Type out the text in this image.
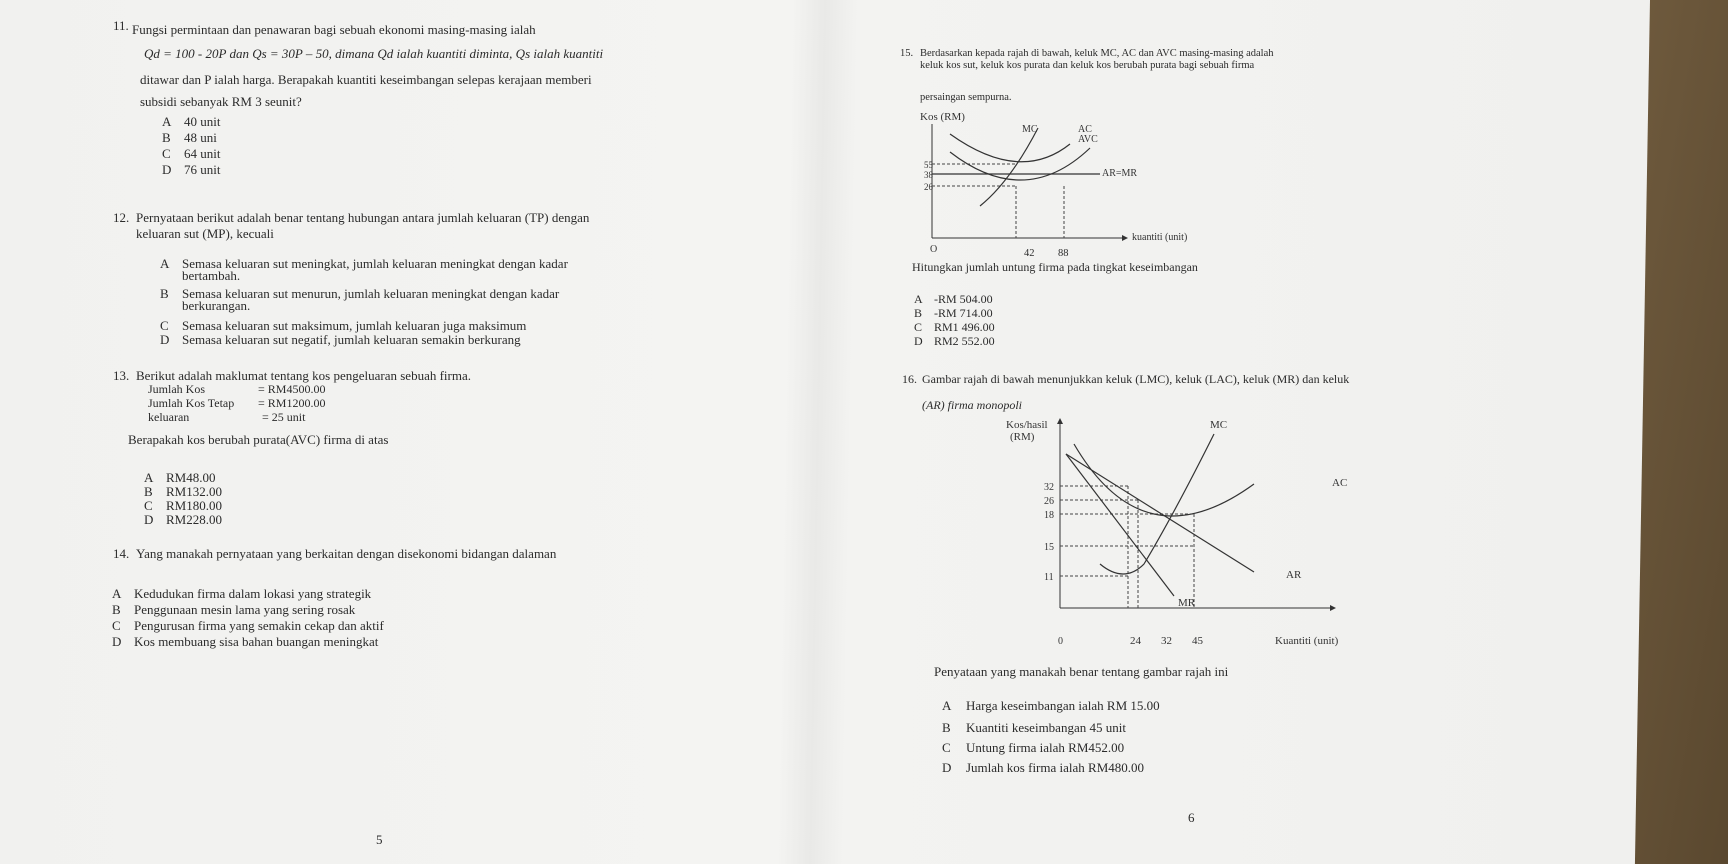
11. Fungsi permintaan dan penawaran bagi sebuah ekonomi masing-masing ialah
Qd = 100 - 20P dan Qs = 30P – 50, dimana Qd ialah kuantiti diminta, Qs ialah kuantiti
ditawar dan P ialah harga. Berapakah kuantiti keseimbangan selepas kerajaan memberi
subsidi sebanyak RM 3 seunit?
A 40 unit
B 48 uni
C 64 unit
D 76 unit
12. Pernyataan berikut adalah benar tentang hubungan antara jumlah keluaran (TP) dengan
keluaran sut (MP), kecuali
A Semasa keluaran sut meningkat, jumlah keluaran meningkat dengan kadar
bertambah.
B Semasa keluaran sut menurun, jumlah keluaran meningkat dengan kadar
berkurangan.
C Semasa keluaran sut maksimum, jumlah keluaran juga maksimum
D Semasa keluaran sut negatif, jumlah keluaran semakin berkurang
13. Berikut adalah maklumat tentang kos pengeluaran sebuah firma.
Jumlah Kos	= RM4500.00
Jumlah Kos Tetap = RM1200.00
keluaran	= 25 unit
Berapakah kos berubah purata(AVC) firma di atas
A RM48.00
B RM132.00
C RM180.00
D RM228.00
14. Yang manakah pernyataan yang berkaitan dengan disekonomi bidangan dalaman
A Kedudukan firma dalam lokasi yang strategik
B Penggunaan mesin lama yang sering rosak
C Pengurusan firma yang semakin cekap dan aktif
D Kos membuang sisa bahan buangan meningkat
5
15. Berdasarkan kepada rajah di bawah, keluk MC, AC dan AVC masing-masing adalah
keluk kos sut, keluk kos purata dan keluk kos berubah purata bagi sebuah firma
persaingan sempurna.
Kos (RM)
55
38
26
MC	AC
AVC
AR=MR
kuantiti (unit)
O	42 88
Hitungkan jumlah untung firma pada tingkat keseimbangan
A -RM 504.00
B -RM 714.00
C RM1 496.00
D RM2 552.00
16. Gambar rajah di bawah menunjukkan keluk (LMC), keluk (LAC), keluk (MR) dan keluk
(AR) firma monopoli
Kos/hasil
(RM)
32
26
18
15
11
MC
AC
AR
MR
0	24 32 45	Kuantiti (unit)
Penyataan yang manakah benar tentang gambar rajah ini
A Harga keseimbangan ialah RM 15.00
B Kuantiti keseimbangan 45 unit
C Untung firma ialah RM452.00
D Jumlah kos firma ialah RM480.00
6
